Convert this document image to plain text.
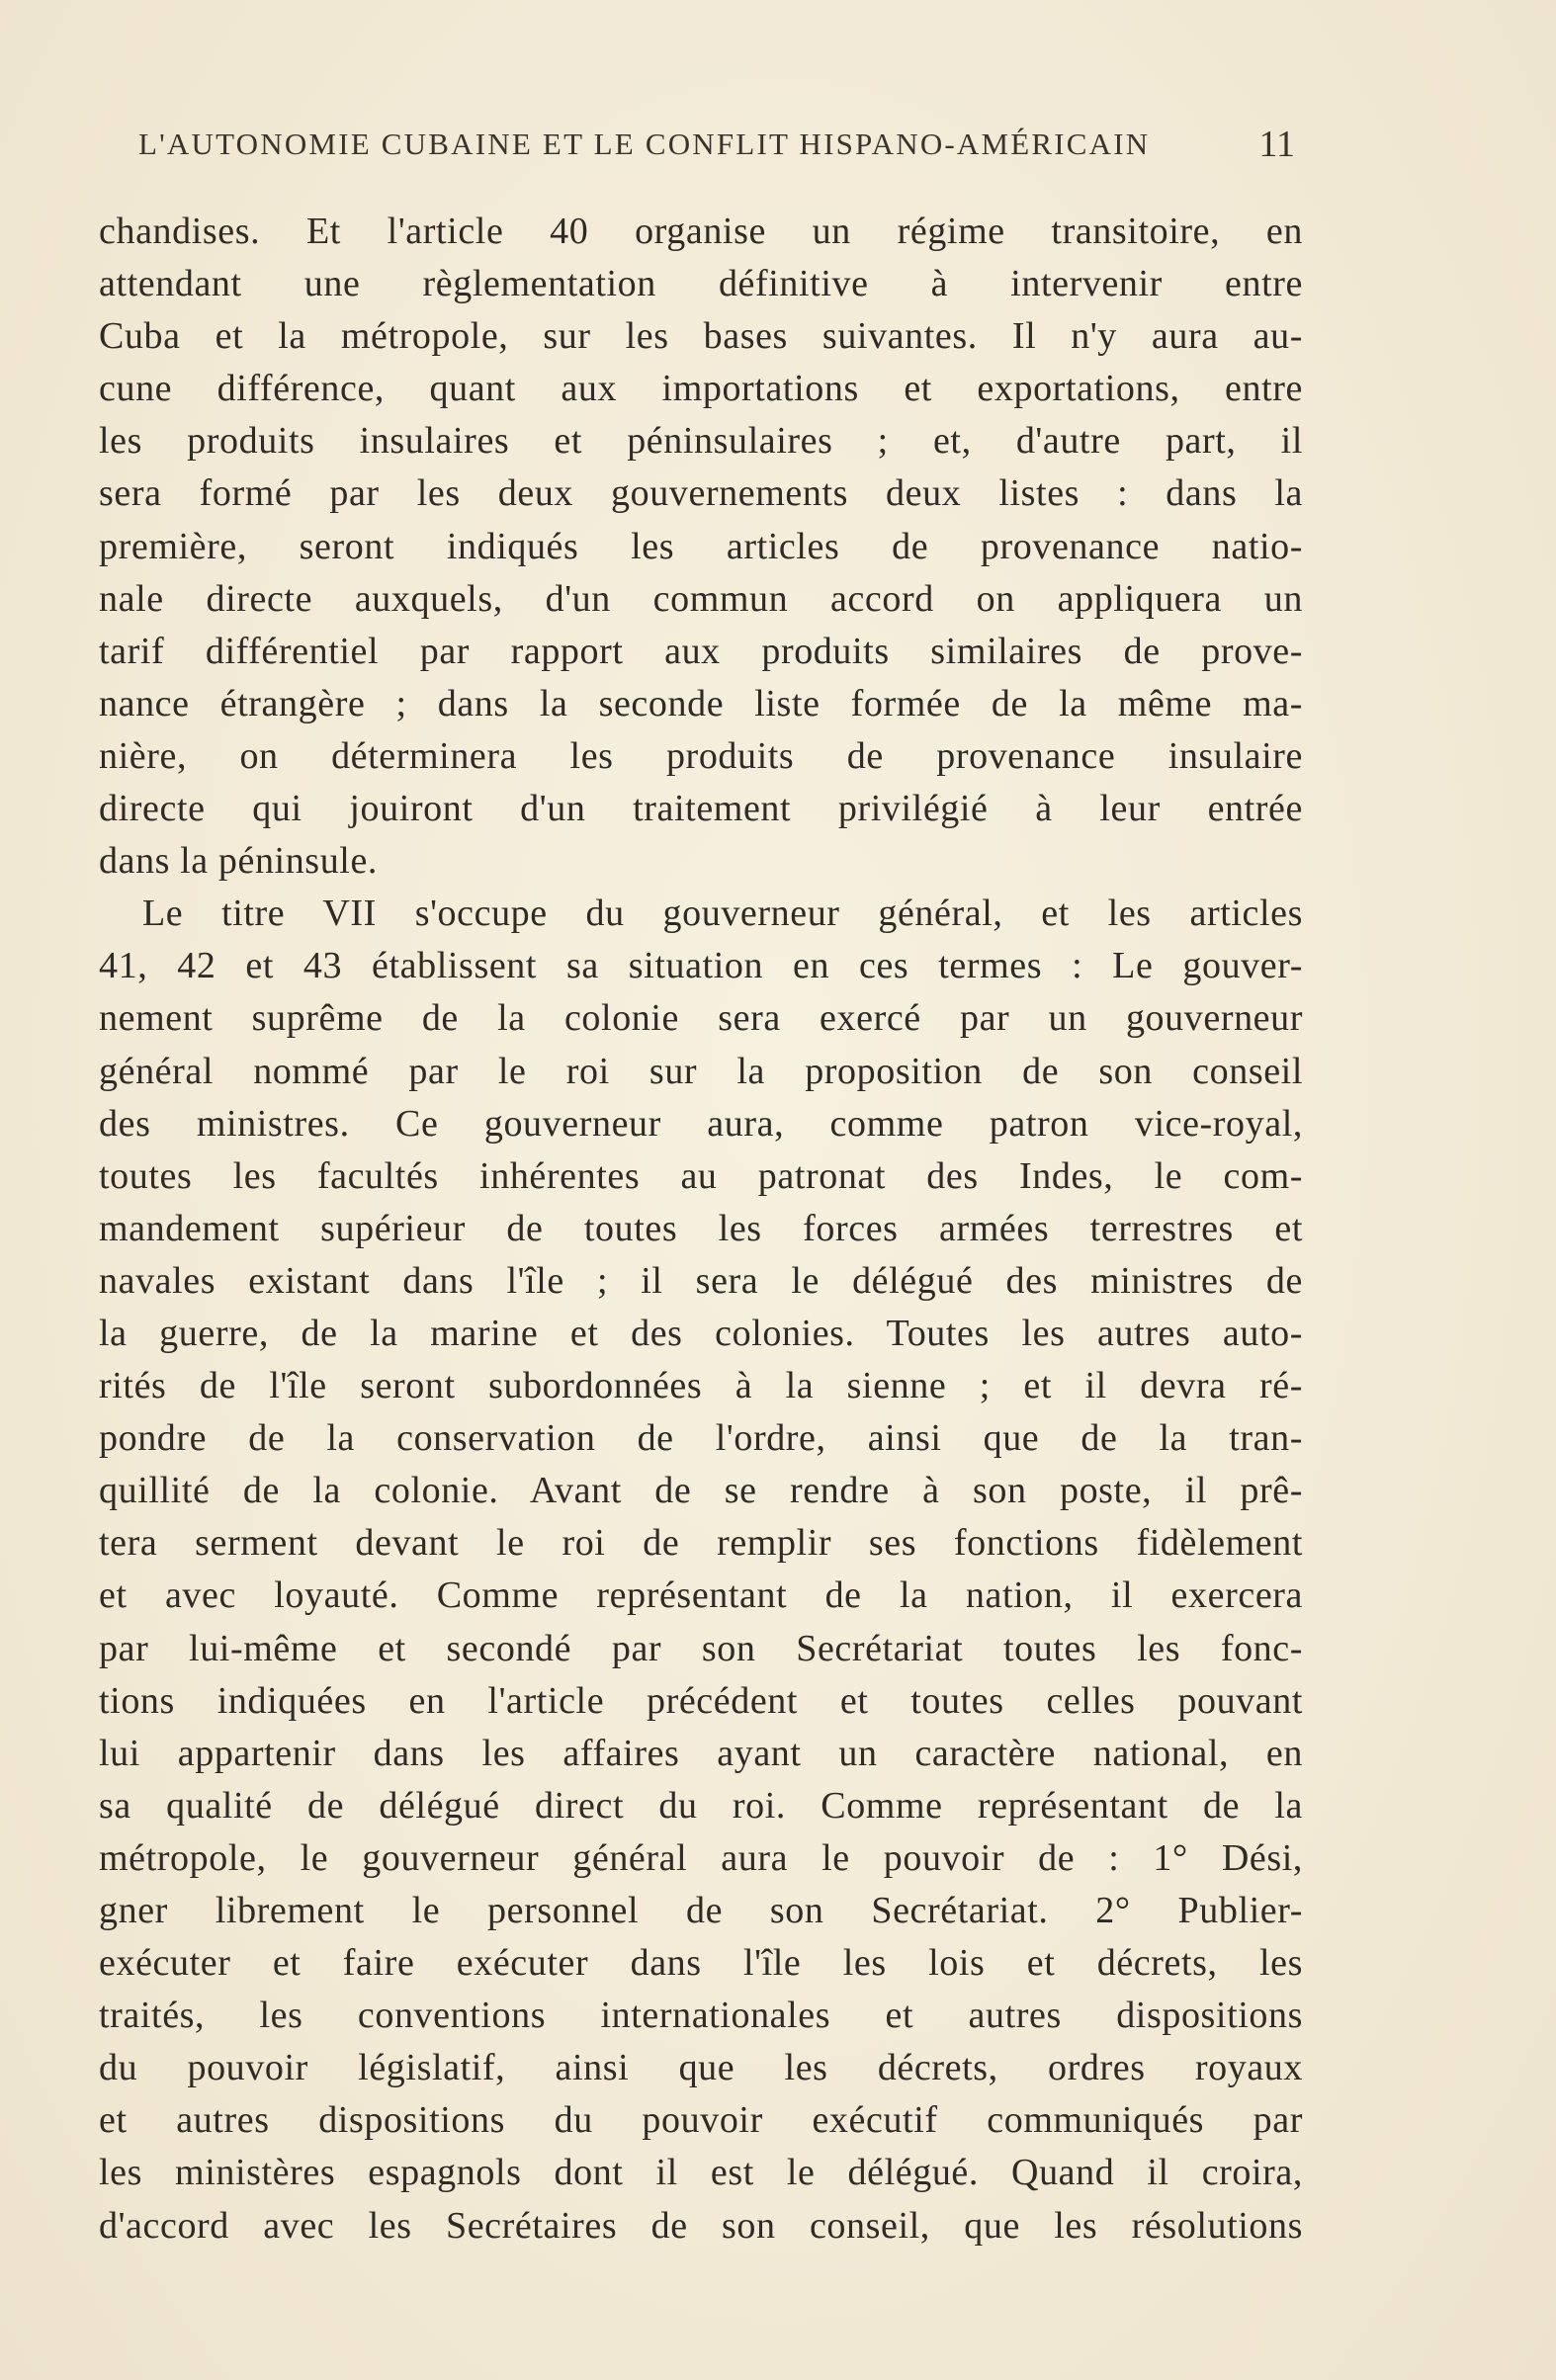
L'AUTONOMIE CUBAINE ET LE CONFLIT HISPANO-AMÉRICAIN	11
chandises. Et l'article 40 organise un régime transitoire, en
attendant une règlementation définitive à intervenir entre
Cuba et la métropole, sur les bases suivantes. Il n'y aura au-
cune différence, quant aux importations et exportations, entre
les produits insulaires et péninsulaires ; et, d'autre part, il
sera formé par les deux gouvernements deux listes : dans la
première, seront indiqués les articles de provenance natio-
nale directe auxquels, d'un commun accord on appliquera un
tarif différentiel par rapport aux produits similaires de prove-
nance étrangère ; dans la seconde liste formée de la même ma-
nière, on déterminera les produits de provenance insulaire
directe qui jouiront d'un traitement privilégié à leur entrée
dans la péninsule.
Le titre VII s'occupe du gouverneur général, et les articles
41, 42 et 43 établissent sa situation en ces termes : Le gouver-
nement suprême de la colonie sera exercé par un gouverneur
général nommé par le roi sur la proposition de son conseil
des ministres. Ce gouverneur aura, comme patron vice-royal,
toutes les facultés inhérentes au patronat des Indes, le com-
mandement supérieur de toutes les forces armées terrestres et
navales existant dans l'île ; il sera le délégué des ministres de
la guerre, de la marine et des colonies. Toutes les autres auto-
rités de l'île seront subordonnées à la sienne ; et il devra ré-
pondre de la conservation de l'ordre, ainsi que de la tran-
quillité de la colonie. Avant de se rendre à son poste, il prê-
tera serment devant le roi de remplir ses fonctions fidèlement
et avec loyauté. Comme représentant de la nation, il exercera
par lui-même et secondé par son Secrétariat toutes les fonc-
tions indiquées en l'article précédent et toutes celles pouvant
lui appartenir dans les affaires ayant un caractère national, en
sa qualité de délégué direct du roi. Comme représentant de la
métropole, le gouverneur général aura le pouvoir de : 1° Dési,
gner librement le personnel de son Secrétariat. 2° Publier-
exécuter et faire exécuter dans l'île les lois et décrets, les
traités, les conventions internationales et autres dispositions
du pouvoir législatif, ainsi que les décrets, ordres royaux
et autres dispositions du pouvoir exécutif communiqués par
les ministères espagnols dont il est le délégué. Quand il croira,
d'accord avec les Secrétaires de son conseil, que les résolutions
